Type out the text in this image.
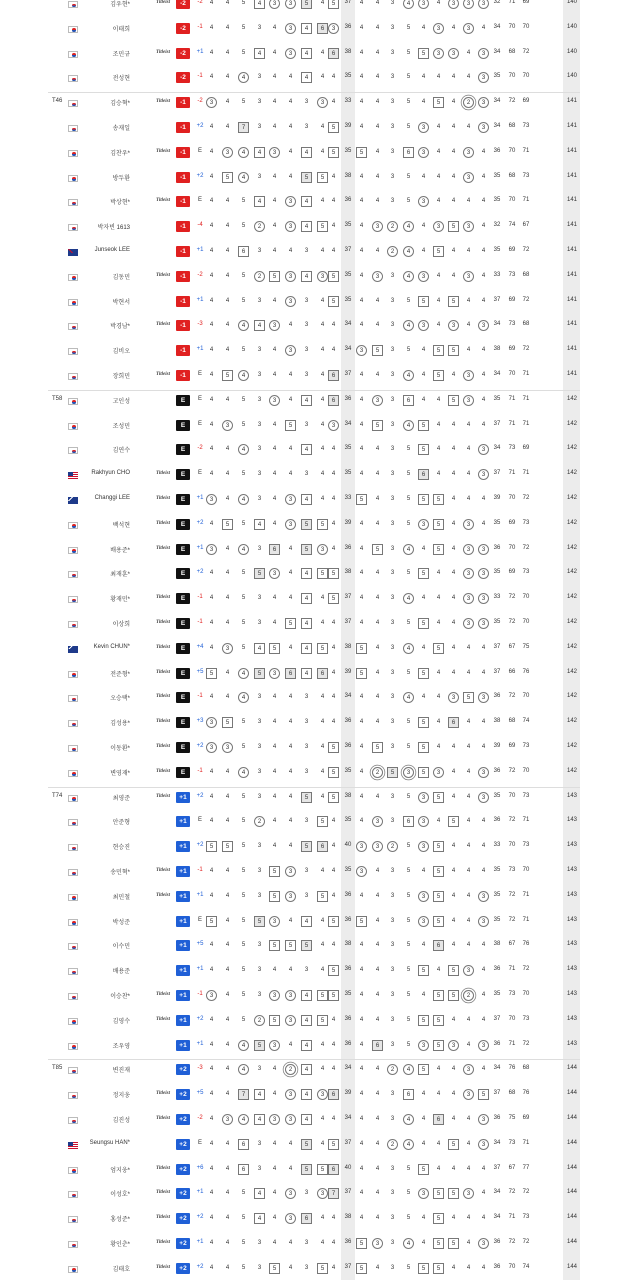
김우현*	Titleist	-2	-2	4	4	5	4	3	3	5	4	5	37	4	4	3	4	3	4	3	3	3	32	71	69	140
이태희	-2	-1	4	4	5	3	4	3	4	6	3	36	4	4	3	5	4	3	4	3	4	34	70	70	140
조민규	Titleist	-2	+1	4	4	5	4	4	3	4	4	6	38	4	4	3	5	5	3	3	4	3	34	68	72	140
전성현	-2	-1	4	4	4	3	4	4	4	4	4	35	4	4	3	5	4	4	4	4	3	35	70	70	140
T46	김승혁*	Titleist	-1	-2	3	4	5	3	4	4	3	3	4	33	4	4	3	5	4	5	4	2	3	34	72	69	141
송재일	-1	+2	4	4	7	3	4	4	3	4	5	39	4	4	3	5	3	4	4	4	3	34	68	73	141
김찬우*	Titleist	-1	E	4	3	4	4	3	4	4	4	5	35	5	4	3	6	3	4	4	3	4	36	70	71	141
방두환	-1	+2	4	5	4	3	4	4	5	5	4	38	4	4	3	5	4	4	4	3	4	35	68	73	141
박상현*	Titleist	-1	E	4	4	5	4	4	3	4	4	4	36	4	4	3	5	3	4	4	4	4	35	70	71	141
박자빈 1613	-1	-4	4	4	5	2	4	3	4	5	4	35	4	3	2	4	4	3	5	3	4	32	74	67	141
Junseok LEE	-1	+1	4	4	6	3	4	4	3	4	4	37	4	4	2	4	4	5	4	4	4	35	69	72	141
김동민	Titleist	-1	-2	4	4	5	2	5	3	4	3	5	35	4	3	3	4	3	4	4	3	4	33	73	68	141
박현서	-1	+1	4	4	5	3	4	3	3	4	5	35	4	4	3	5	5	4	5	4	4	37	69	72	141
박경남*	Titleist	-1	-3	4	4	4	4	3	4	3	4	4	34	4	4	3	4	3	4	3	4	3	34	73	68	141
김비오	-1	+1	4	4	5	3	4	3	3	4	4	34	3	5	3	5	4	5	5	4	4	38	69	72	141
장희민	Titleist	-1	E	4	5	4	3	4	4	3	4	6	37	4	4	3	4	4	5	4	3	4	34	70	71	141
T58	고인성	E	E	4	4	5	3	3	4	4	4	6	36	4	3	3	6	4	4	5	3	4	35	71	71	142
조성민	E	E	4	3	5	3	4	5	3	4	3	34	4	5	3	4	5	4	4	4	4	37	71	71	142
김연수	E	-2	4	4	4	3	4	4	4	4	4	35	4	4	3	5	5	4	4	4	3	34	73	69	142
Rakhyun CHO	Titleist	E	E	4	4	5	3	4	4	3	4	4	35	4	4	3	5	6	4	4	4	3	37	71	71	142
Changgi LEE	Titleist	E	+1	3	4	4	3	4	3	4	4	4	33	5	4	3	5	5	5	4	4	4	39	70	72	142
백석현	Titleist	E	+2	4	5	5	4	4	3	5	5	4	39	4	4	3	5	3	5	4	3	4	35	69	73	142
배용준*	Titleist	E	+1	3	4	4	3	6	4	5	3	4	36	4	5	3	4	4	5	4	3	3	36	70	72	142
최재훈*	E	+2	4	4	5	5	3	4	4	5	5	38	4	4	3	5	5	4	4	3	3	35	69	73	142
황재민*	Titleist	E	-1	4	4	5	3	4	4	4	4	5	37	4	4	3	4	4	4	4	3	3	33	72	70	142
이상희	Titleist	E	-1	4	4	5	3	4	5	4	4	4	37	4	4	3	5	5	4	4	3	3	35	72	70	142
Kevin CHUN*	Titleist	E	+4	4	3	5	4	5	4	4	5	4	38	5	4	3	4	4	5	4	4	4	37	67	75	142
전준형*	Titleist	E	+5	5	4	4	5	3	6	4	6	4	39	5	4	3	5	5	4	4	4	4	37	66	76	142
오승택*	Titleist	E	-1	4	4	4	3	4	4	3	4	4	34	4	4	3	4	4	4	3	5	3	36	72	70	142
김성용*	Titleist	E	+3	3	5	5	3	4	4	3	4	4	36	4	4	3	5	5	4	6	4	4	38	68	74	142
이동환*	Titleist	E	+2	3	3	5	3	4	4	3	4	5	36	4	5	3	5	5	4	4	4	4	39	69	73	142
변영재*	Titleist	E	-1	4	4	4	3	4	4	3	4	5	35	4	2	5	3	5	3	4	4	3	36	72	70	142
T74	최영준	Titleist	+1	+2	4	4	5	3	4	4	5	4	5	38	4	4	3	5	3	5	4	4	3	35	70	73	143
안준형	+1	E	4	4	5	2	4	4	3	5	4	35	4	3	3	6	3	4	5	4	4	36	72	71	143
현승진	+1	+2	5	5	5	3	4	4	5	6	4	40	3	3	2	5	3	5	4	4	4	33	70	73	143
송민혁*	Titleist	+1	-1	4	4	5	3	5	3	3	4	4	35	3	4	3	5	4	5	4	4	4	35	73	70	143
최민철	Titleist	+1	+1	4	4	5	3	5	3	3	5	4	36	4	4	3	5	3	5	4	4	3	35	72	71	143
박성준	+1	E	5	4	5	5	3	4	4	4	5	36	5	4	3	5	3	5	4	4	3	35	72	71	143
이수민	+1	+5	4	4	5	3	5	5	5	4	4	38	4	4	3	5	4	6	4	4	4	38	67	76	143
배용준	+1	+1	4	4	5	3	4	4	3	4	5	36	4	4	3	5	5	4	5	3	4	36	71	72	143
이승찬*	Titleist	+1	-1	3	4	5	3	3	3	4	5	5	35	4	4	3	5	4	5	5	2	4	35	73	70	143
김영수	Titleist	+1	+2	4	4	5	2	5	3	4	5	4	36	4	4	3	5	5	5	4	4	4	37	70	73	143
조우영	+1	+1	4	4	4	5	3	4	4	4	4	36	4	6	3	5	3	5	3	4	3	36	71	72	143
T85	변진재	+2	-3	4	4	4	3	4	2	4	4	4	34	4	4	2	4	5	4	4	3	4	34	76	68	144
정지웅	Titleist	+2	+5	4	4	7	4	4	3	4	3	6	39	4	4	3	6	4	4	4	3	5	37	68	76	144
김진성	Titleist	+2	-2	4	3	4	4	3	3	4	4	4	34	4	4	3	4	4	6	4	4	3	36	75	69	144
Seungsu HAN*	+2	E	4	4	6	3	4	4	5	4	5	37	4	4	2	4	4	4	5	4	3	34	73	71	144
엄지웅*	Titleist	+2	+6	4	4	6	3	4	4	5	5	6	40	4	4	3	5	5	4	4	4	4	37	67	77	144
이성호*	Titleist	+2	+1	4	4	5	4	4	3	3	3	7	37	4	4	3	5	3	5	5	3	4	34	72	72	144
홍성준*	Titleist	+2	+2	4	4	5	4	4	3	6	4	4	38	4	4	3	5	4	5	4	4	4	34	71	73	144
황인춘*	Titleist	+2	+1	4	4	5	3	4	4	3	4	4	36	5	3	3	4	4	5	5	4	3	36	72	72	144
김태호	Titleist	+2	+2	4	4	5	3	5	4	3	5	4	37	5	4	3	5	5	5	4	4	4	36	70	74	144
